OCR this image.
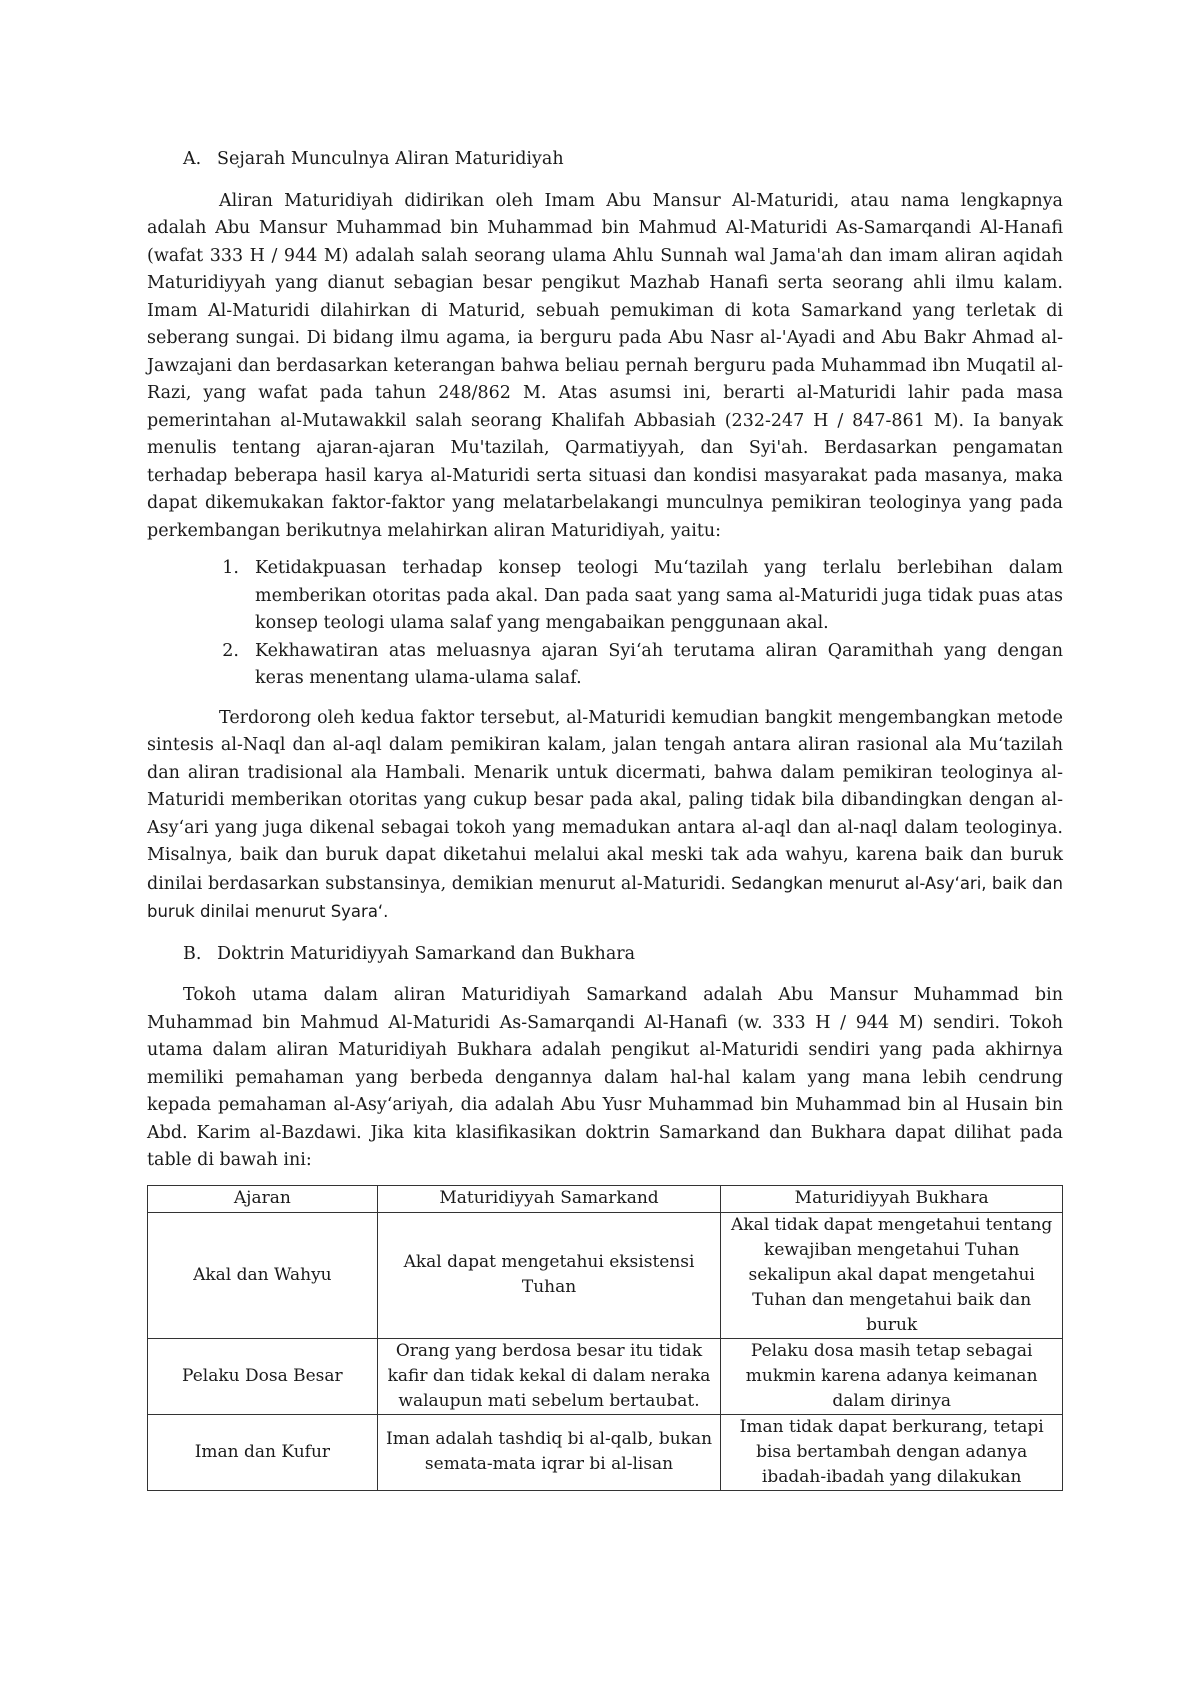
A. Sejarah Munculnya Aliran Maturidiyah

Aliran Maturidiyah didirikan oleh Imam Abu Mansur Al-Maturidi, atau nama lengkapnya adalah Abu Mansur Muhammad bin Muhammad bin Mahmud Al-Maturidi As-Samarqandi Al-Hanafi (wafat 333 H / 944 M) adalah salah seorang ulama Ahlu Sunnah wal Jama'ah dan imam aliran aqidah Maturidiyyah yang dianut sebagian besar pengikut Mazhab Hanafi serta seorang ahli ilmu kalam. Imam Al-Maturidi dilahirkan di Maturid, sebuah pemukiman di kota Samarkand yang terletak di seberang sungai. Di bidang ilmu agama, ia berguru pada Abu Nasr al-'Ayadi and Abu Bakr Ahmad al-Jawzajani dan berdasarkan keterangan bahwa beliau pernah berguru pada Muhammad ibn Muqatil al-Razi, yang wafat pada tahun 248/862 M. Atas asumsi ini, berarti al-Maturidi lahir pada masa pemerintahan al-Mutawakkil salah seorang Khalifah Abbasiah (232-247 H / 847-861 M). Ia banyak menulis tentang ajaran-ajaran Mu'tazilah, Qarmatiyyah, dan Syi'ah. Berdasarkan pengamatan terhadap beberapa hasil karya al-Maturidi serta situasi dan kondisi masyarakat pada masanya, maka dapat dikemukakan faktor-faktor yang melatarbelakangi munculnya pemikiran teologinya yang pada perkembangan berikutnya melahirkan aliran Maturidiyah, yaitu:

1. Ketidakpuasan terhadap konsep teologi Mu‘tazilah yang terlalu berlebihan dalam memberikan otoritas pada akal. Dan pada saat yang sama al-Maturidi juga tidak puas atas konsep teologi ulama salaf yang mengabaikan penggunaan akal.
2. Kekhawatiran atas meluasnya ajaran Syi‘ah terutama aliran Qaramithah yang dengan keras menentang ulama-ulama salaf.

Terdorong oleh kedua faktor tersebut, al-Maturidi kemudian bangkit mengembangkan metode sintesis al-Naql dan al-aql dalam pemikiran kalam, jalan tengah antara aliran rasional ala Mu‘tazilah dan aliran tradisional ala Hambali. Menarik untuk dicermati, bahwa dalam pemikiran teologinya al-Maturidi memberikan otoritas yang cukup besar pada akal, paling tidak bila dibandingkan dengan al-Asy‘ari yang juga dikenal sebagai tokoh yang memadukan antara al-aql dan al-naql dalam teologinya. Misalnya, baik dan buruk dapat diketahui melalui akal meski tak ada wahyu, karena baik dan buruk dinilai berdasarkan substansinya, demikian menurut al-Maturidi. Sedangkan menurut al-Asy‘ari, baik dan buruk dinilai menurut Syara‘.

B. Doktrin Maturidiyyah Samarkand dan Bukhara

Tokoh utama dalam aliran Maturidiyah Samarkand adalah Abu Mansur Muhammad bin Muhammad bin Mahmud Al-Maturidi As-Samarqandi Al-Hanafi (w. 333 H / 944 M) sendiri. Tokoh utama dalam aliran Maturidiyah Bukhara adalah pengikut al-Maturidi sendiri yang pada akhirnya memiliki pemahaman yang berbeda dengannya dalam hal-hal kalam yang mana lebih cendrung kepada pemahaman al-Asy‘ariyah, dia adalah Abu Yusr Muhammad bin Muhammad bin al Husain bin Abd. Karim al-Bazdawi. Jika kita klasifikasikan doktrin Samarkand dan Bukhara dapat dilihat pada table di bawah ini:

Ajaran	Maturidiyyah Samarkand	Maturidiyyah Bukhara
Akal dan Wahyu	Akal dapat mengetahui eksistensi Tuhan	Akal tidak dapat mengetahui tentang kewajiban mengetahui Tuhan sekalipun akal dapat mengetahui Tuhan dan mengetahui baik dan buruk
Pelaku Dosa Besar	Orang yang berdosa besar itu tidak kafir dan tidak kekal di dalam neraka walaupun mati sebelum bertaubat.	Pelaku dosa masih tetap sebagai mukmin karena adanya keimanan dalam dirinya
Iman dan Kufur	Iman adalah tashdiq bi al-qalb, bukan semata-mata iqrar bi al-lisan	Iman tidak dapat berkurang, tetapi bisa bertambah dengan adanya ibadah-ibadah yang dilakukan
